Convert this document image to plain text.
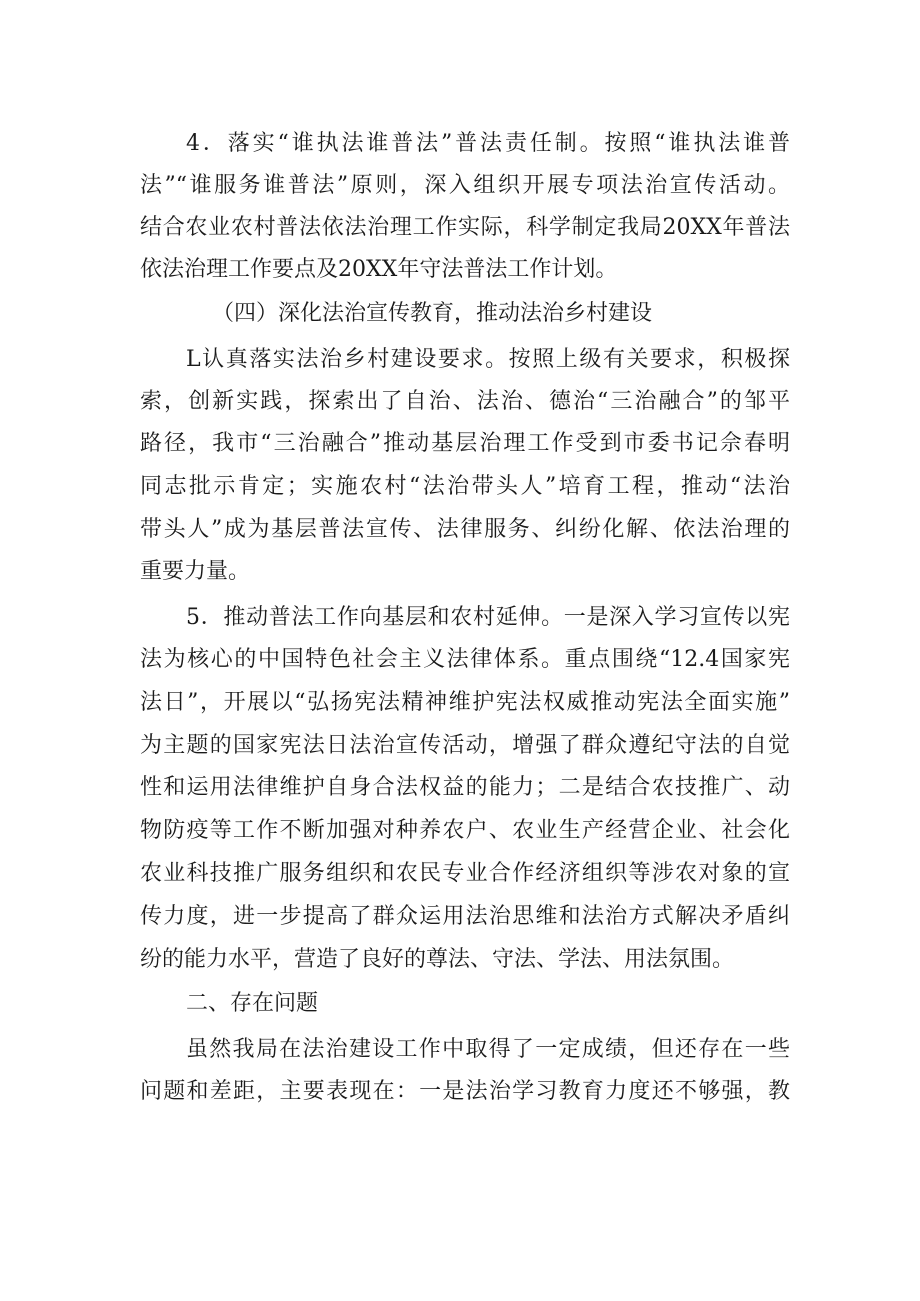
4．落实“谁执法谁普法”普法责任制。按照“谁执法谁普
法”“谁服务谁普法”原则，深入组织开展专项法治宣传活动。
结合农业农村普法依法治理工作实际，科学制定我局20XX年普法
依法治理工作要点及20XX年守法普法工作计划。
（四）深化法治宣传教育，推动法治乡村建设
L认真落实法治乡村建设要求。按照上级有关要求，积极探
索，创新实践，探索出了自治、法治、德治“三治融合”的邹平
路径，我市“三治融合”推动基层治理工作受到市委书记佘春明
同志批示肯定；实施农村“法治带头人”培育工程，推动“法治
带头人”成为基层普法宣传、法律服务、纠纷化解、依法治理的
重要力量。
5．推动普法工作向基层和农村延伸。一是深入学习宣传以宪
法为核心的中国特色社会主义法律体系。重点围绕“12.4国家宪
法日”，开展以“弘扬宪法精神维护宪法权威推动宪法全面实施”
为主题的国家宪法日法治宣传活动，增强了群众遵纪守法的自觉
性和运用法律维护自身合法权益的能力；二是结合农技推广、动
物防疫等工作不断加强对种养农户、农业生产经营企业、社会化
农业科技推广服务组织和农民专业合作经济组织等涉农对象的宣
传力度，进一步提高了群众运用法治思维和法治方式解决矛盾纠
纷的能力水平，营造了良好的尊法、守法、学法、用法氛围。
二、存在问题
虽然我局在法治建设工作中取得了一定成绩，但还存在一些
问题和差距，主要表现在：一是法治学习教育力度还不够强，教
